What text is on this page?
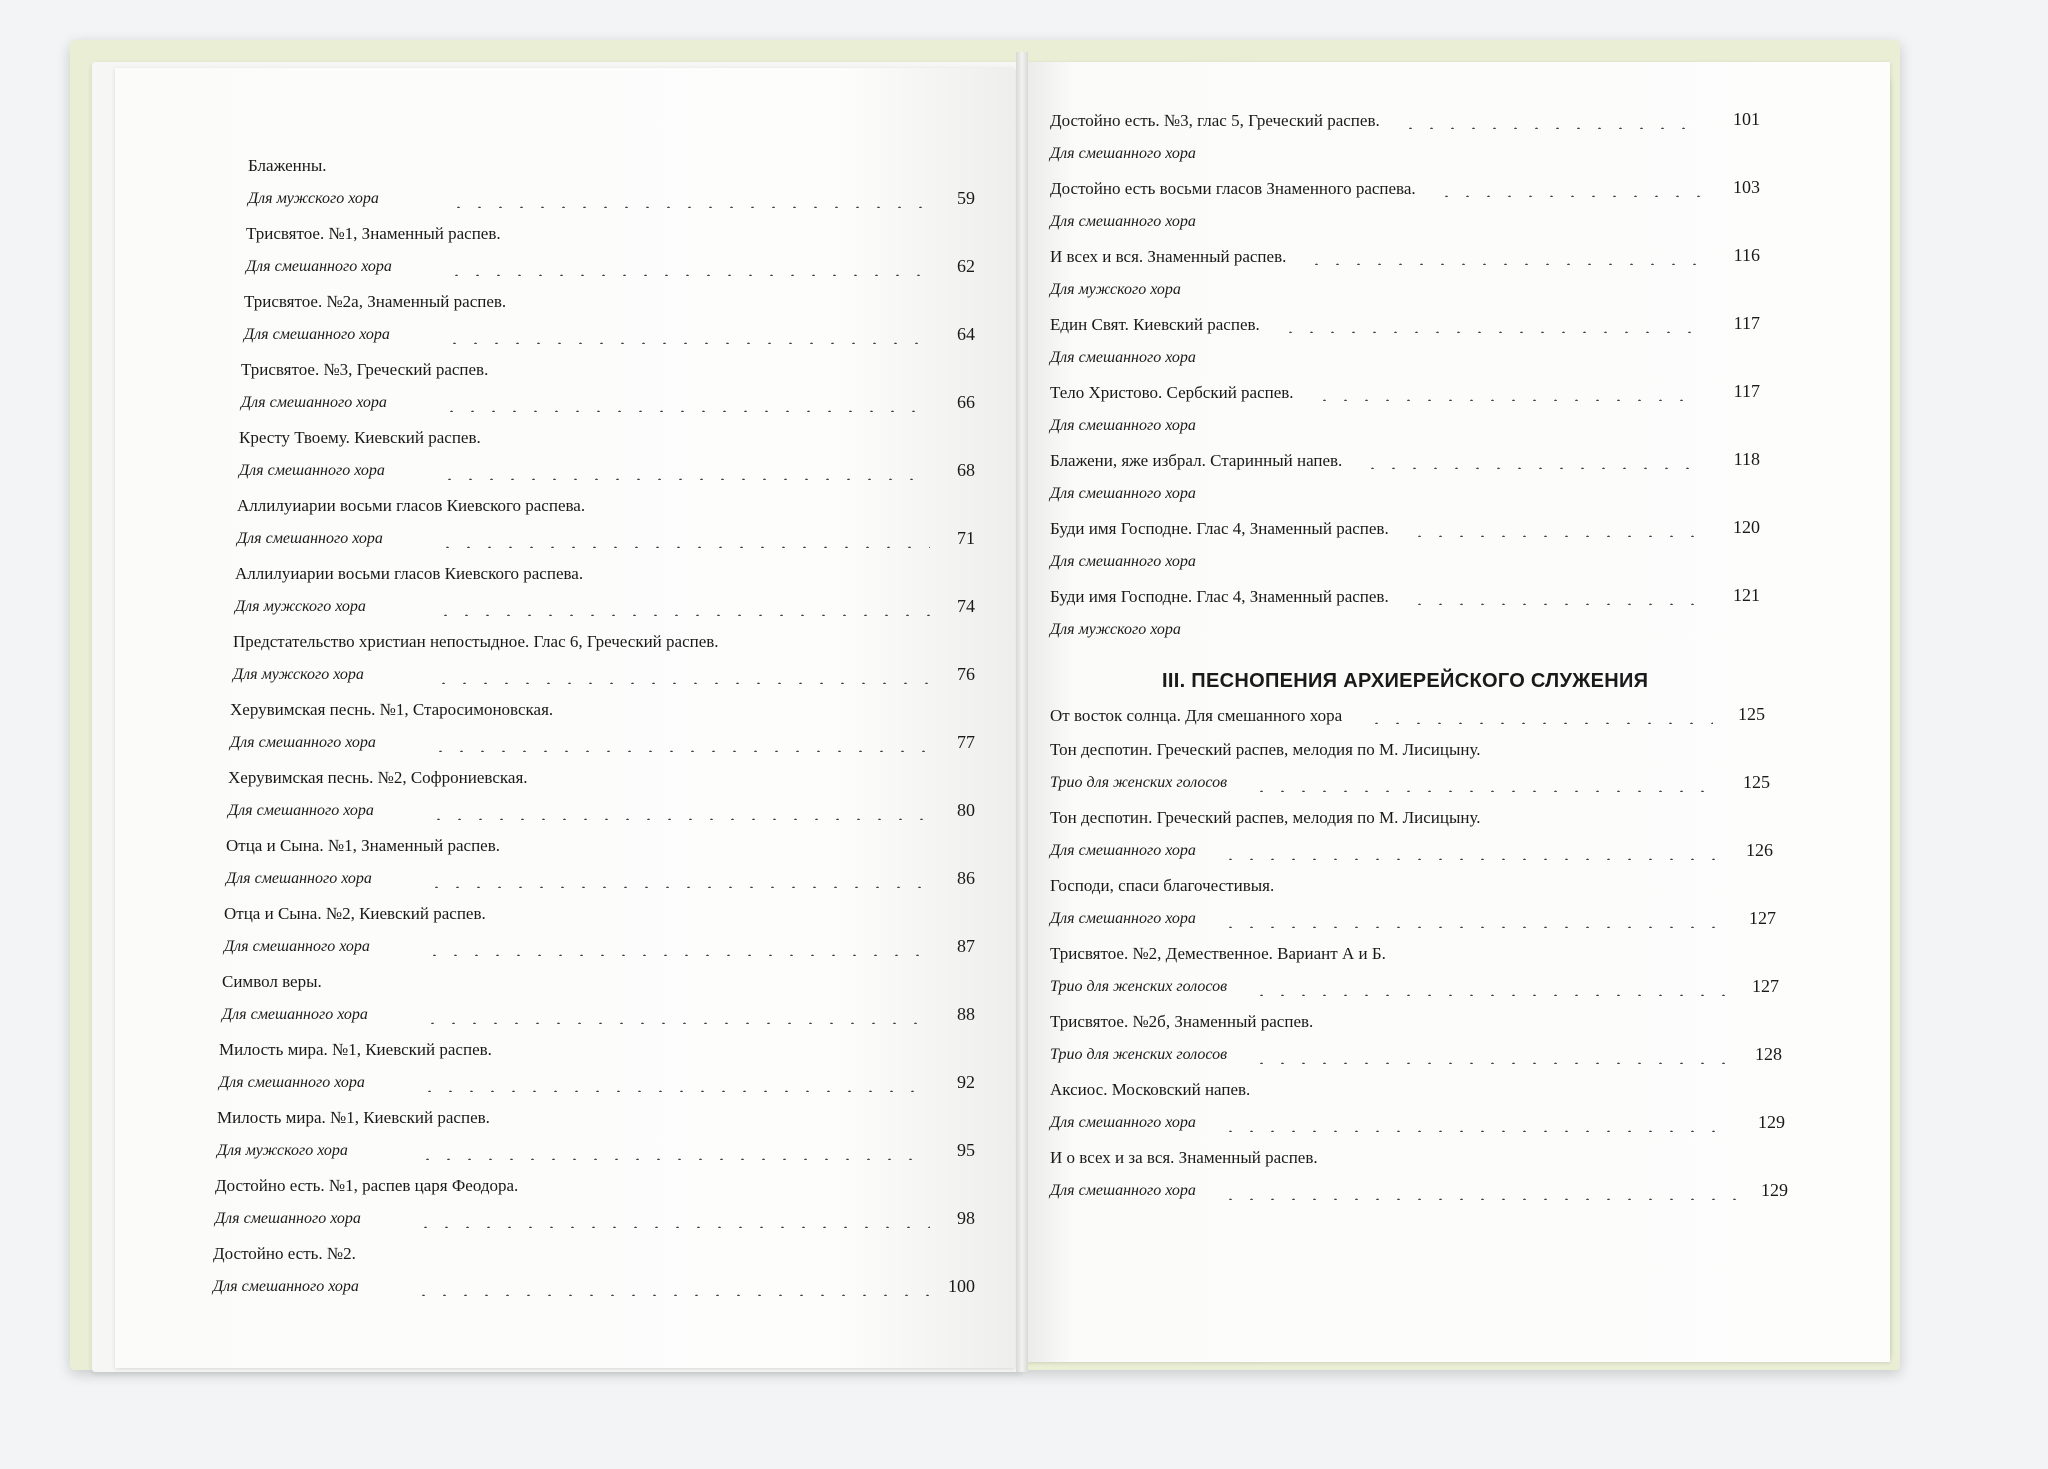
Блаженны.
Для мужского хора	59
Трисвятое. №1, Знаменный распев.
Для смешанного хора	62
Трисвятое. №2а, Знаменный распев.
Для смешанного хора	64
Трисвятое. №3, Греческий распев.
Для смешанного хора	66
Кресту Твоему. Киевский распев.
Для смешанного хора	68
Аллилуиарии восьми гласов Киевского распева.
Для смешанного хора	71
Аллилуиарии восьми гласов Киевского распева.
Для мужского хора	74
Предстательство христиан непостыдное. Глас 6, Греческий распев.
Для мужского хора	76
Херувимская песнь. №1, Старосимоновская.
Для смешанного хора	77
Херувимская песнь. №2, Софрониевская.
Для смешанного хора	80
Отца и Сына. №1, Знаменный распев.
Для смешанного хора	86
Отца и Сына. №2, Киевский распев.
Для смешанного хора	87
Символ веры.
Для смешанного хора	88
Милость мира. №1, Киевский распев.
Для смешанного хора	92
Милость мира. №1, Киевский распев.
Для мужского хора	95
Достойно есть. №1, распев царя Феодора.
Для смешанного хора	98
Достойно есть. №2.
Для смешанного хора	100
Достойно есть. №3, глас 5, Греческий распев.	101
Для смешанного хора
Достойно есть восьми гласов Знаменного распева.	103
Для смешанного хора
И всех и вся. Знаменный распев.	116
Для мужского хора
Един Свят. Киевский распев.	117
Для смешанного хора
Тело Христово. Сербский распев.	117
Для смешанного хора
Блажени, яже избрал. Старинный напев.	118
Для смешанного хора
Буди имя Господне. Глас 4, Знаменный распев.	120
Для смешанного хора
Буди имя Господне. Глас 4, Знаменный распев.	121
Для мужского хора
III. ПЕСНОПЕНИЯ АРХИЕРЕЙСКОГО СЛУЖЕНИЯ
От восток солнца. Для смешанного хора	125
Тон деспотин. Греческий распев, мелодия по М. Лисицыну.
Трио для женских голосов	125
Тон деспотин. Греческий распев, мелодия по М. Лисицыну.
Для смешанного хора	126
Господи, спаси благочестивыя.
Для смешанного хора	127
Трисвятое. №2, Демественное. Вариант А и Б.
Трио для женских голосов	127
Трисвятое. №2б, Знаменный распев.
Трио для женских голосов	128
Аксиос. Московский напев.
Для смешанного хора	129
И о всех и за вся. Знаменный распев.
Для смешанного хора	129
